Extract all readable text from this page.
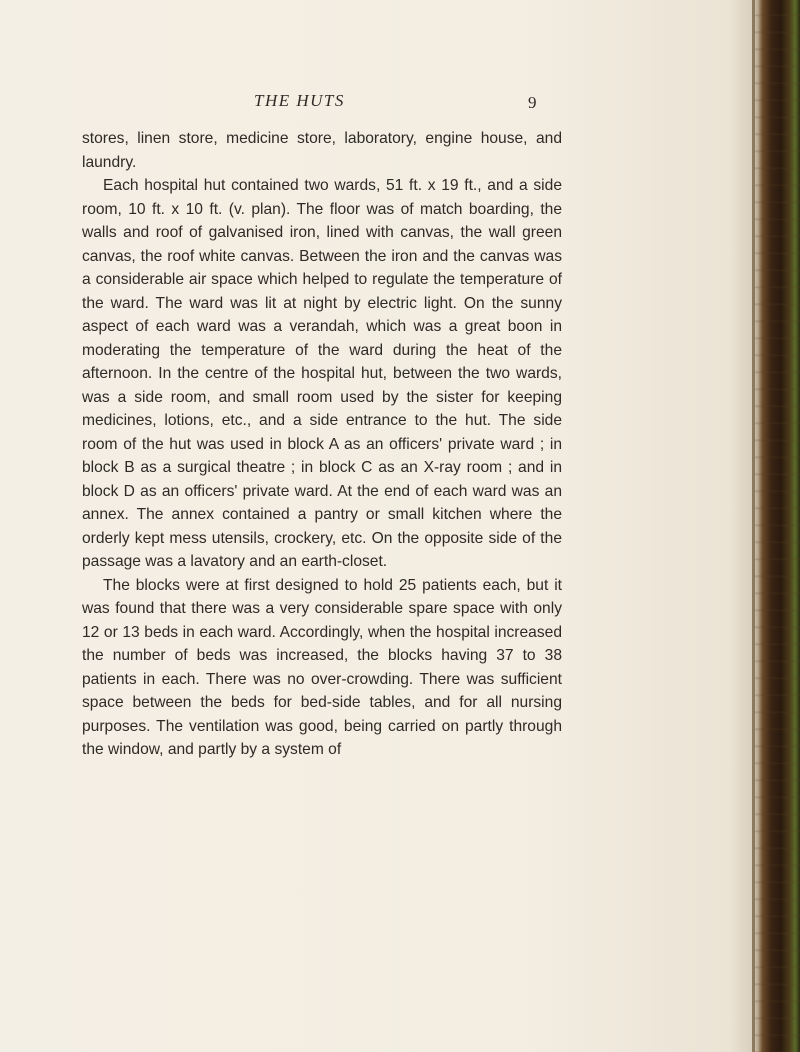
THE HUTS	9

stores, linen store, medicine store, laboratory, engine house, and laundry.

Each hospital hut contained two wards, 51 ft. x 19 ft., and a side room, 10 ft. x 10 ft. (v. plan). The floor was of match boarding, the walls and roof of galvanised iron, lined with canvas, the wall green canvas, the roof white canvas. Between the iron and the canvas was a considerable air space which helped to regulate the temperature of the ward. The ward was lit at night by electric light. On the sunny aspect of each ward was a verandah, which was a great boon in moderating the temperature of the ward during the heat of the afternoon. In the centre of the hospital hut, between the two wards, was a side room, and small room used by the sister for keeping medicines, lotions, etc., and a side entrance to the hut. The side room of the hut was used in block A as an officers' private ward ; in block B as a surgical theatre ; in block C as an X-ray room ; and in block D as an officers' private ward. At the end of each ward was an annex. The annex contained a pantry or small kitchen where the orderly kept mess utensils, crockery, etc. On the opposite side of the passage was a lavatory and an earth-closet.

The blocks were at first designed to hold 25 patients each, but it was found that there was a very considerable spare space with only 12 or 13 beds in each ward. Accordingly, when the hospital increased the number of beds was increased, the blocks having 37 to 38 patients in each. There was no over-crowding. There was sufficient space between the beds for bed-side tables, and for all nursing purposes. The ventilation was good, being carried on partly through the window, and partly by a system of
